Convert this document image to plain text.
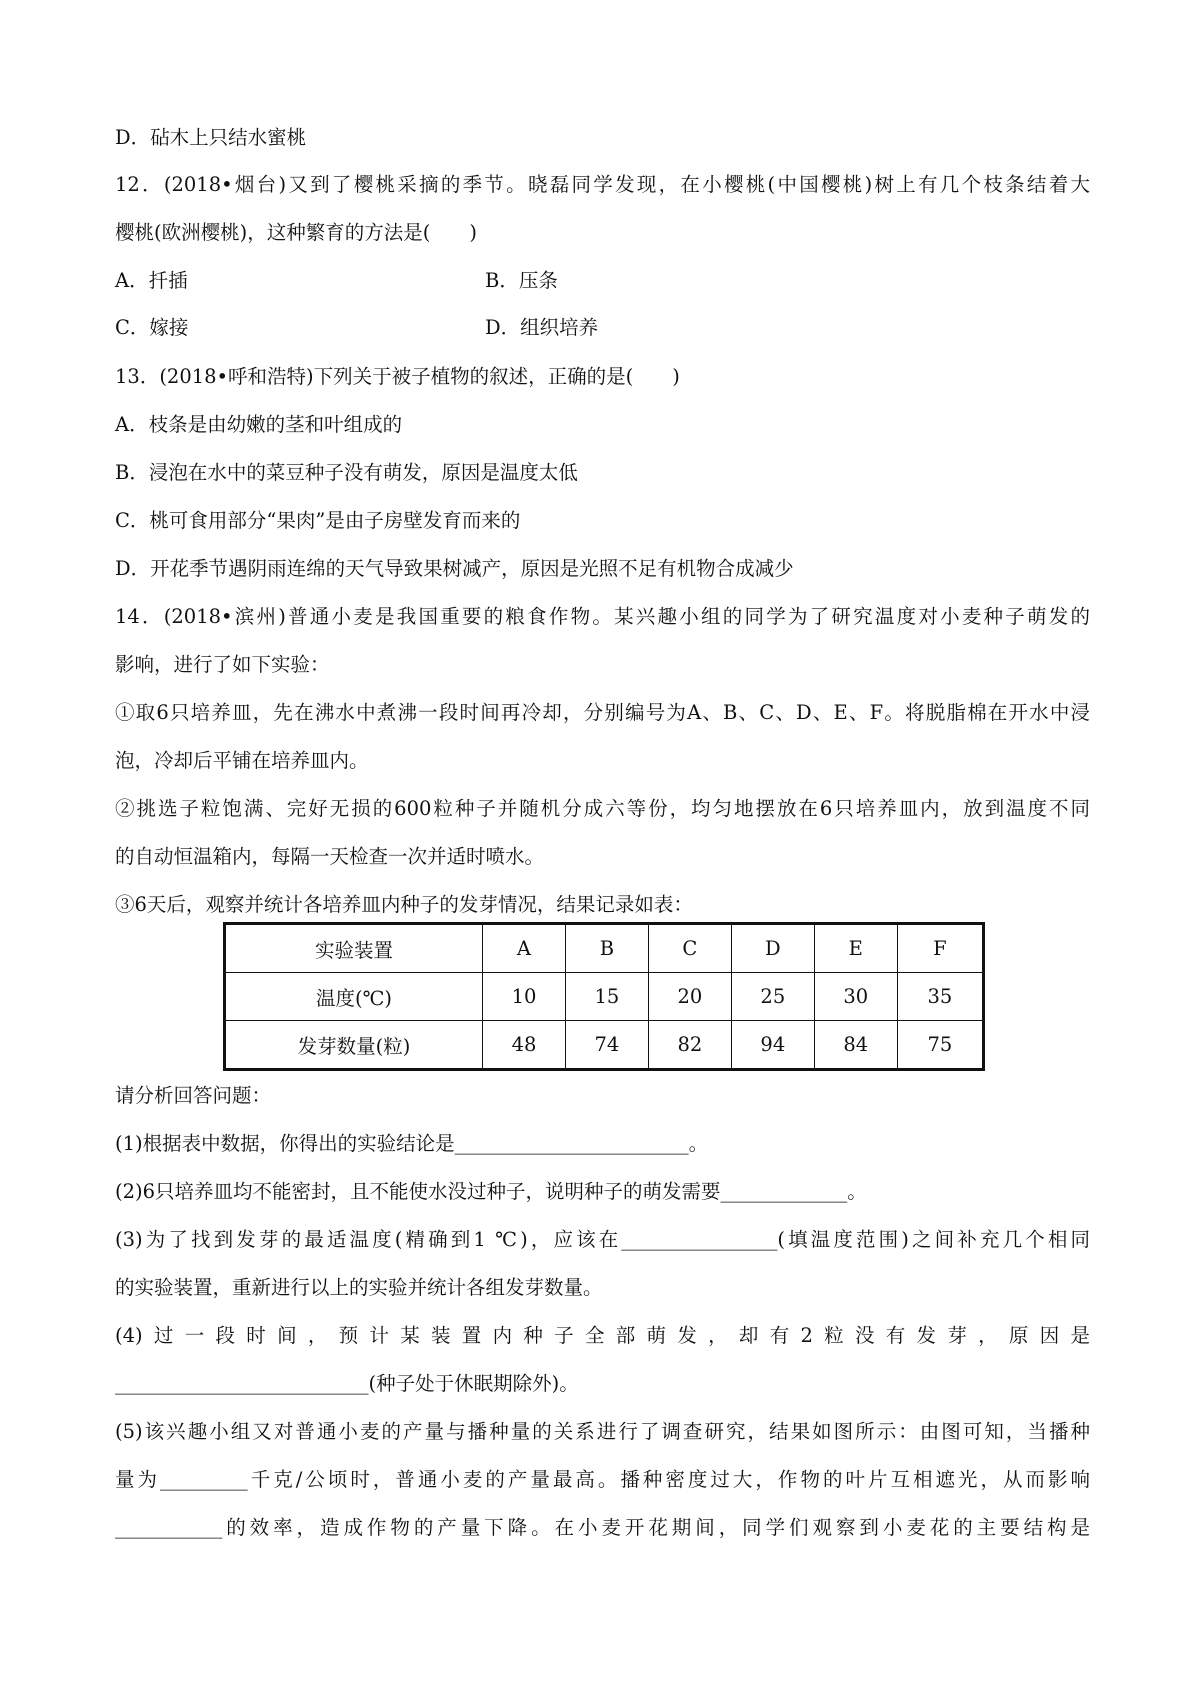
D．砧木上只结水蜜桃
12．(2018•烟台)又到了樱桃采摘的季节。晓磊同学发现，在小樱桃(中国樱桃)树上有几个枝条结着大
樱桃(欧洲樱桃)，这种繁育的方法是(　　)
A．扦插	B．压条
C．嫁接	D．组织培养
13．(2018•呼和浩特)下列关于被子植物的叙述，正确的是(　　)
A．枝条是由幼嫩的茎和叶组成的
B．浸泡在水中的菜豆种子没有萌发，原因是温度太低
C．桃可食用部分“果肉”是由子房壁发育而来的
D．开花季节遇阴雨连绵的天气导致果树减产，原因是光照不足有机物合成减少
14．(2018•滨州)普通小麦是我国重要的粮食作物。某兴趣小组的同学为了研究温度对小麦种子萌发的
影响，进行了如下实验：
①取6只培养皿，先在沸水中煮沸一段时间再冷却，分别编号为A、B、C、D、E、F。将脱脂棉在开水中浸
泡，冷却后平铺在培养皿内。
②挑选子粒饱满、完好无损的600粒种子并随机分成六等份，均匀地摆放在6只培养皿内，放到温度不同
的自动恒温箱内，每隔一天检查一次并适时喷水。
③6天后，观察并统计各培养皿内种子的发芽情况，结果记录如表：
实验装置	A	B	C	D	E	F
温度(℃)	10	15	20	25	30	35
发芽数量(粒)	48	74	82	94	84	75
请分析回答问题：
(1)根据表中数据，你得出的实验结论是________________________。
(2)6只培养皿均不能密封，且不能使水没过种子，说明种子的萌发需要_____________。
(3)为了找到发芽的最适温度(精确到1 ℃)，应该在________________(填温度范围)之间补充几个相同
的实验装置，重新进行以上的实验并统计各组发芽数量。
(4)过一段时间，预计某装置内种子全部萌发，却有2粒没有发芽，原因是
__________________________(种子处于休眠期除外)。
(5)该兴趣小组又对普通小麦的产量与播种量的关系进行了调查研究，结果如图所示：由图可知，当播种
量为_________千克/公顷时，普通小麦的产量最高。播种密度过大，作物的叶片互相遮光，从而影响
___________的效率，造成作物的产量下降。在小麦开花期间，同学们观察到小麦花的主要结构是
